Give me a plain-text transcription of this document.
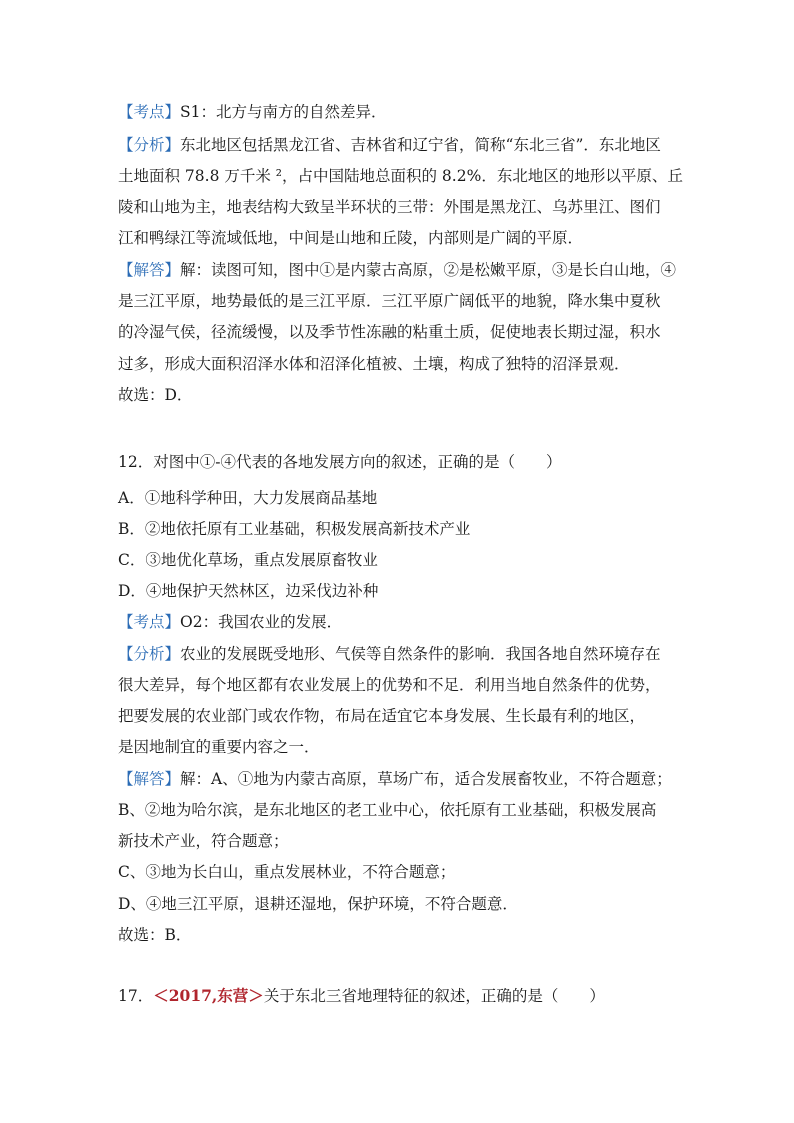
【考点】S1：北方与南方的自然差异．
【分析】东北地区包括黑龙江省、吉林省和辽宁省，简称“东北三省”．东北地区
土地面积 78.8 万千米 ²，占中国陆地总面积的 8.2%．东北地区的地形以平原、丘
陵和山地为主，地表结构大致呈半环状的三带：外围是黑龙江、乌苏里江、图们
江和鸭绿江等流域低地，中间是山地和丘陵，内部则是广阔的平原．
【解答】解：读图可知，图中①是内蒙古高原，②是松嫩平原，③是长白山地，④
是三江平原，地势最低的是三江平原．三江平原广阔低平的地貌，降水集中夏秋
的冷湿气侯，径流缓慢，以及季节性冻融的粘重土质，促使地表长期过湿，积水
过多，形成大面积沼泽水体和沼泽化植被、土壤，构成了独特的沼泽景观．
故选：D．
12．对图中①-④代表的各地发展方向的叙述，正确的是（　　）
A．①地科学种田，大力发展商品基地
B．②地依托原有工业基础，积极发展高新技术产业
C．③地优化草场，重点发展原畜牧业
D．④地保护天然林区，边采伐边补种
【考点】O2：我国农业的发展．
【分析】农业的发展既受地形、气侯等自然条件的影响．我国各地自然环境存在
很大差异，每个地区都有农业发展上的优势和不足．利用当地自然条件的优势，
把要发展的农业部门或农作物，布局在适宜它本身发展、生长最有利的地区，
是因地制宜的重要内容之一．
【解答】解：A、①地为内蒙古高原，草场广布，适合发展畜牧业，不符合题意；
B、②地为哈尔滨，是东北地区的老工业中心，依托原有工业基础，积极发展高
新技术产业，符合题意；
C、③地为长白山，重点发展林业，不符合题意；
D、④地三江平原，退耕还湿地，保护环境，不符合题意．
故选：B．
17．＜2017,东营＞关于东北三省地理特征的叙述，正确的是（　　）
